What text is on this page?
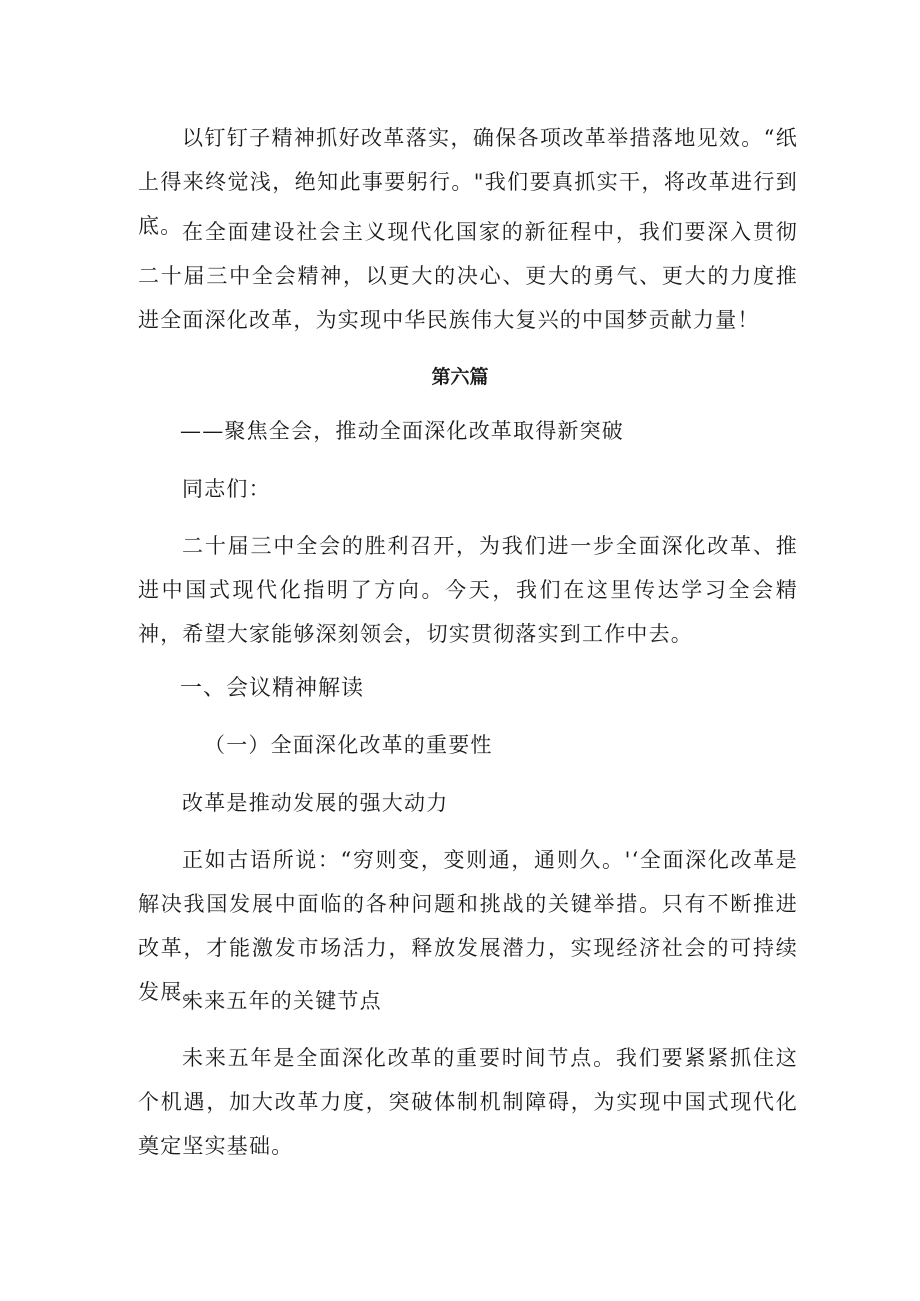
以钉钉子精神抓好改革落实，确保各项改革举措落地见效。“纸上得来终觉浅，绝知此事要躬行。"我们要真抓实干，将改革进行到底。 在全面建设社会主义现代化国家的新征程中，我们要深入贯彻二十届三中全会精神，以更大的决心、更大的勇气、更大的力度推进全面深化改革，为实现中华民族伟大复兴的中国梦贡献力量！

第六篇

——聚焦全会，推动全面深化改革取得新突破

同志们：

二十届三中全会的胜利召开，为我们进一步全面深化改革、推进中国式现代化指明了方向。今天，我们在这里传达学习全会精神，希望大家能够深刻领会，切实贯彻落实到工作中去。

一、会议精神解读

（一）全面深化改革的重要性

改革是推动发展的强大动力

正如古语所说：“穷则变，变则通，通则久。'‘全面深化改革是解决我国发展中面临的各种问题和挑战的关键举措。只有不断推进改革，才能激发市场活力，释放发展潜力，实现经济社会的可持续发展。

未来五年的关键节点

未来五年是全面深化改革的重要时间节点。我们要紧紧抓住这个机遇，加大改革力度，突破体制机制障碍，为实现中国式现代化奠定坚实基础。
